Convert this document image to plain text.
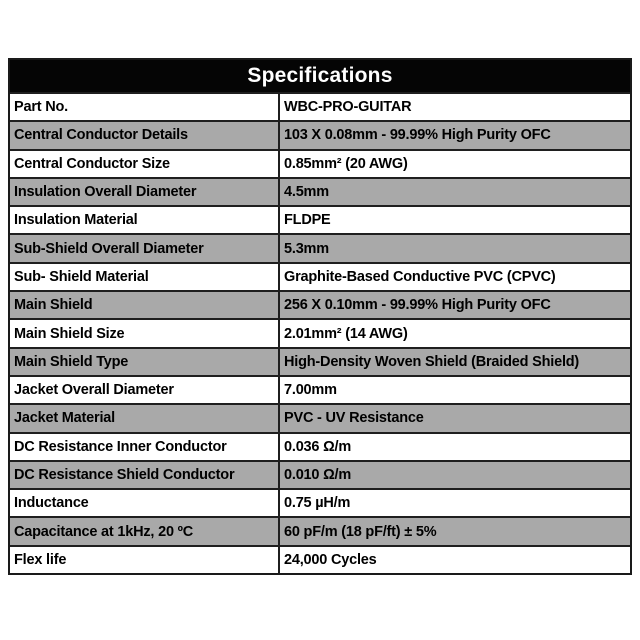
Specifications
Part No.	WBC-PRO-GUITAR
Central Conductor Details	103 X 0.08mm - 99.99% High Purity OFC
Central Conductor Size	0.85mm² (20 AWG)
Insulation Overall Diameter	4.5mm
Insulation Material	FLDPE
Sub-Shield Overall Diameter	5.3mm
Sub- Shield Material	Graphite-Based Conductive PVC (CPVC)
Main Shield	256 X 0.10mm - 99.99% High Purity OFC
Main Shield Size	2.01mm² (14 AWG)
Main Shield Type	High-Density Woven Shield (Braided Shield)
Jacket Overall Diameter	7.00mm
Jacket Material	PVC - UV Resistance
DC Resistance Inner Conductor	0.036 Ω/m
DC Resistance Shield Conductor	0.010 Ω/m
Inductance	0.75 µH/m
Capacitance at 1kHz, 20 ºC	60 pF/m (18 pF/ft) ± 5%
Flex life	24,000 Cycles
